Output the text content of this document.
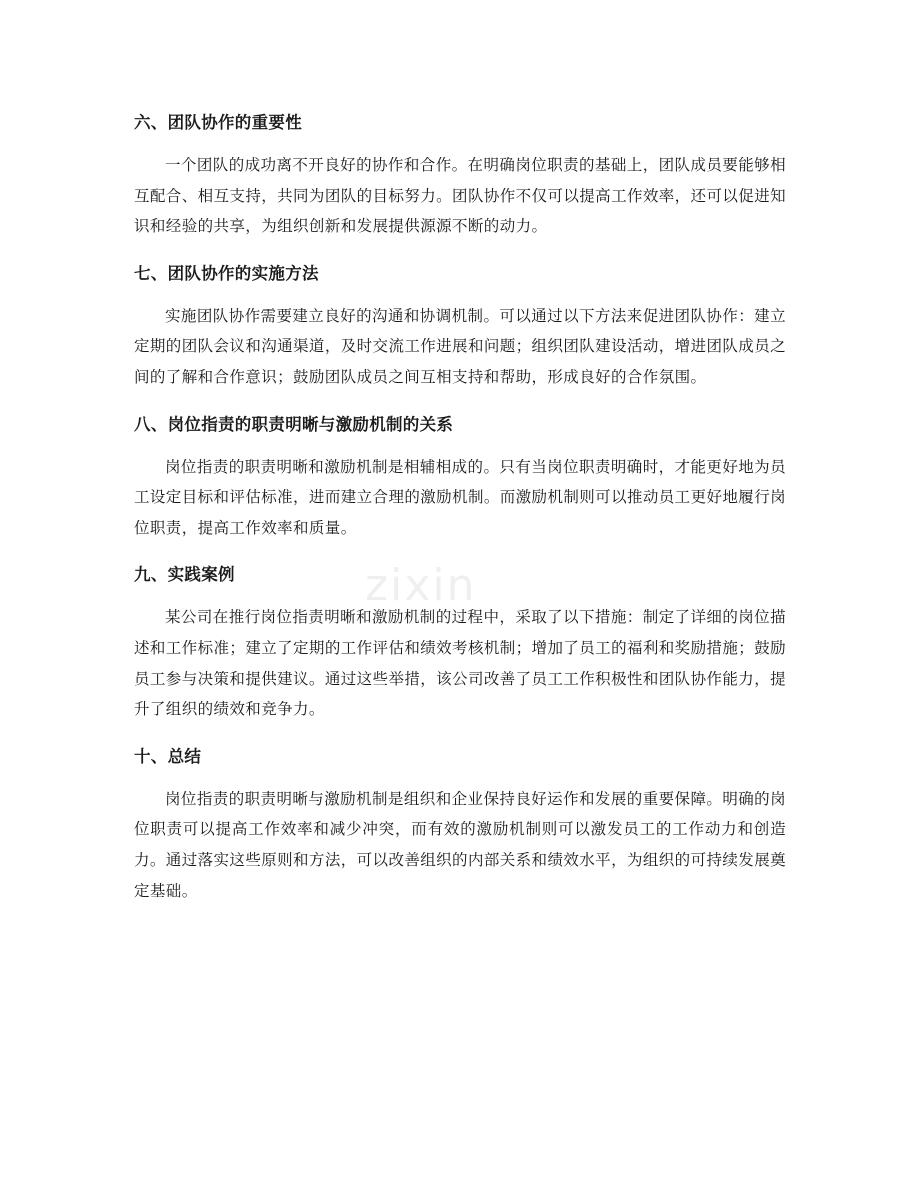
六、团队协作的重要性

一个团队的成功离不开良好的协作和合作。在明确岗位职责的基础上，团队成员要能够相互配合、相互支持，共同为团队的目标努力。团队协作不仅可以提高工作效率，还可以促进知识和经验的共享，为组织创新和发展提供源源不断的动力。

七、团队协作的实施方法

实施团队协作需要建立良好的沟通和协调机制。可以通过以下方法来促进团队协作：建立定期的团队会议和沟通渠道，及时交流工作进展和问题；组织团队建设活动，增进团队成员之间的了解和合作意识；鼓励团队成员之间互相支持和帮助，形成良好的合作氛围。

八、岗位指责的职责明晰与激励机制的关系

岗位指责的职责明晰和激励机制是相辅相成的。只有当岗位职责明确时，才能更好地为员工设定目标和评估标准，进而建立合理的激励机制。而激励机制则可以推动员工更好地履行岗位职责，提高工作效率和质量。

九、实践案例

某公司在推行岗位指责明晰和激励机制的过程中，采取了以下措施：制定了详细的岗位描述和工作标准；建立了定期的工作评估和绩效考核机制；增加了员工的福利和奖励措施；鼓励员工参与决策和提供建议。通过这些举措，该公司改善了员工工作积极性和团队协作能力，提升了组织的绩效和竞争力。

十、总结

岗位指责的职责明晰与激励机制是组织和企业保持良好运作和发展的重要保障。明确的岗位职责可以提高工作效率和减少冲突，而有效的激励机制则可以激发员工的工作动力和创造力。通过落实这些原则和方法，可以改善组织的内部关系和绩效水平，为组织的可持续发展奠定基础。

zixin
